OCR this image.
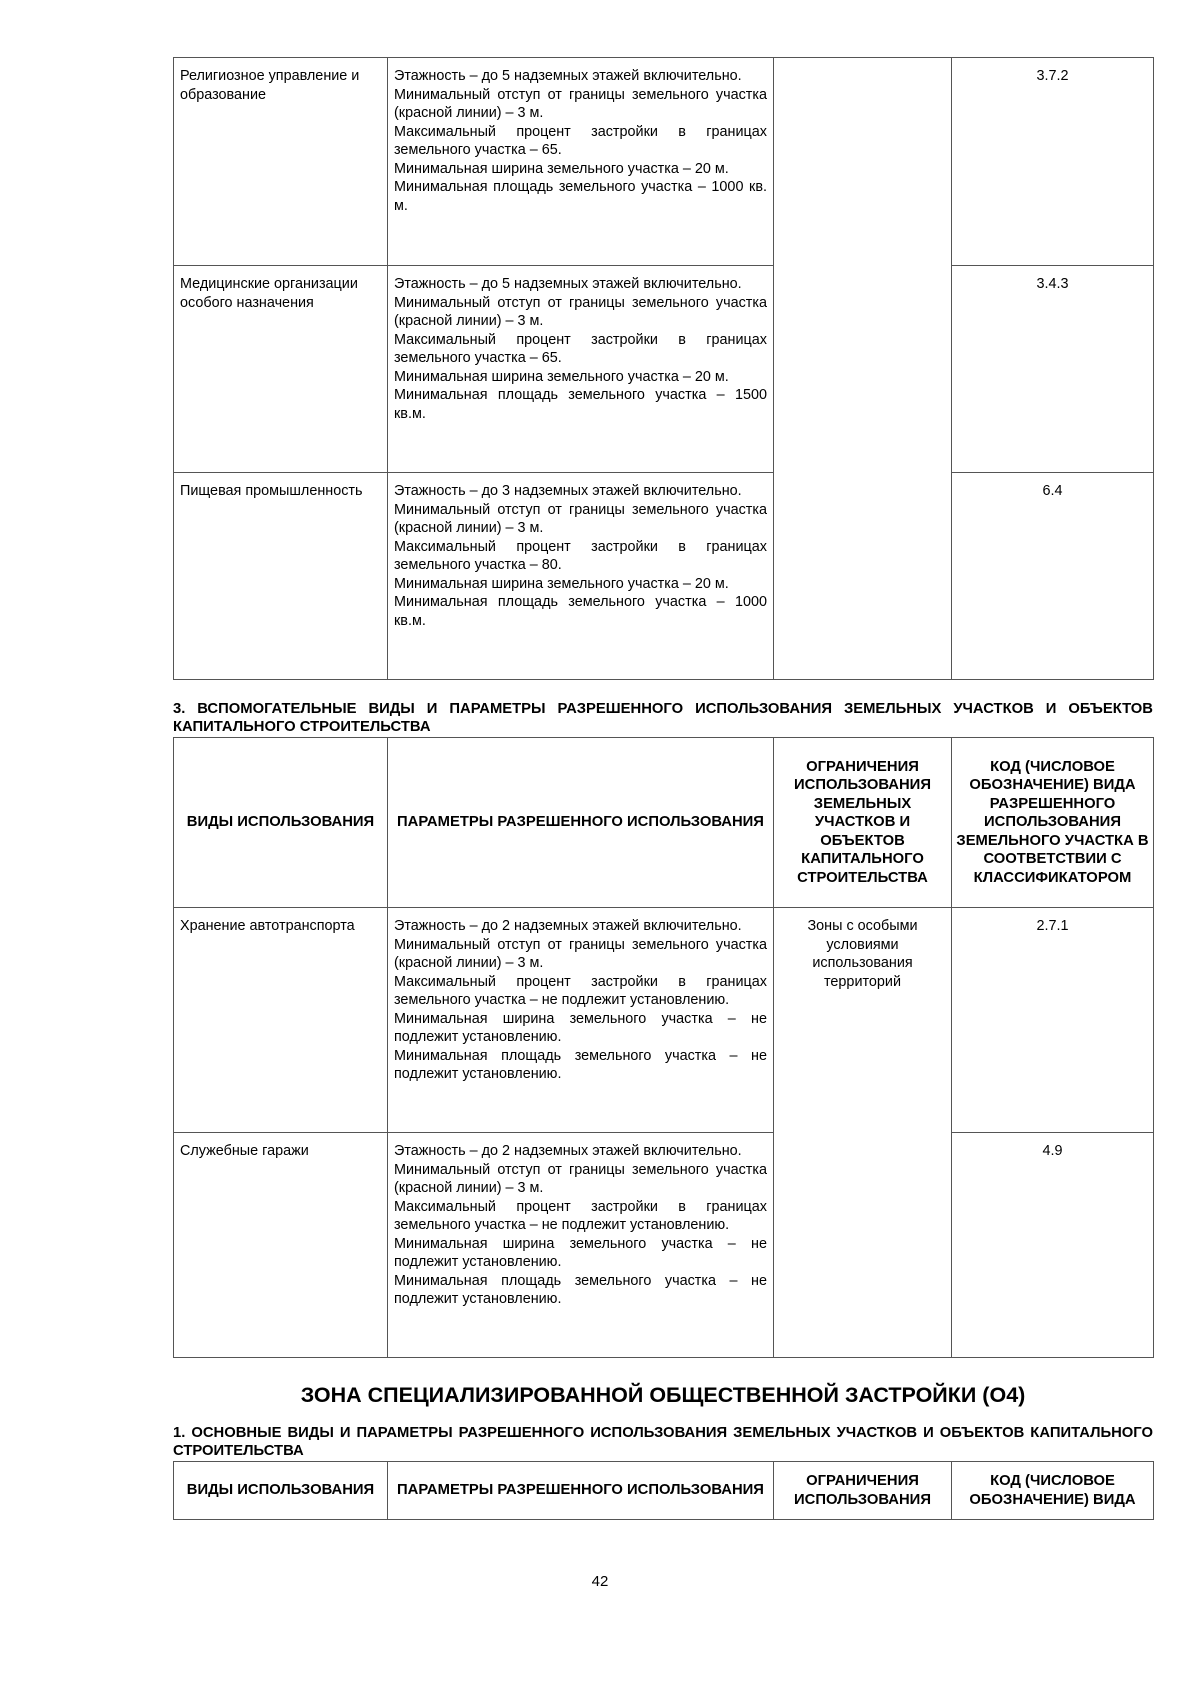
Религиозное управление и образование	Этажность – до 5 надземных этажей включительно.

Минимальный отступ от границы земельного участка (красной линии) – 3 м.

Максимальный процент застройки в границах земельного участка – 65.

Минимальная ширина земельного участка – 20 м.

Минимальная площадь земельного участка – 1000 кв. м.		3.7.2
Медицинские организации особого назначения	Этажность – до 5 надземных этажей включительно.

Минимальный отступ от границы земельного участка (красной линии) – 3 м.

Максимальный процент застройки в границах земельного участка – 65.

Минимальная ширина земельного участка – 20 м.

Минимальная площадь земельного участка – 1500 кв.м.		3.4.3
Пищевая промышленность	Этажность – до 3 надземных этажей включительно.

Минимальный отступ от границы земельного участка (красной линии) – 3 м.

Максимальный процент застройки в границах земельного участка – 80.

Минимальная ширина земельного участка – 20 м.

Минимальная площадь земельного участка – 1000 кв.м.		6.4
3. ВСПОМОГАТЕЛЬНЫЕ ВИДЫ И ПАРАМЕТРЫ РАЗРЕШЕННОГО ИСПОЛЬЗОВАНИЯ ЗЕМЕЛЬНЫХ УЧАСТКОВ И ОБЪЕКТОВ КАПИТАЛЬНОГО СТРОИТЕЛЬСТВА
ВИДЫ ИСПОЛЬЗОВАНИЯ	ПАРАМЕТРЫ РАЗРЕШЕННОГО ИСПОЛЬЗОВАНИЯ	ОГРАНИЧЕНИЯ ИСПОЛЬЗОВАНИЯ ЗЕМЕЛЬНЫХ УЧАСТКОВ И ОБЪЕКТОВ КАПИТАЛЬНОГО СТРОИТЕЛЬСТВА	КОД (ЧИСЛОВОЕ ОБОЗНАЧЕНИЕ) ВИДА РАЗРЕШЕННОГО ИСПОЛЬЗОВАНИЯ ЗЕМЕЛЬНОГО УЧАСТКА В СООТВЕТСТВИИ С КЛАССИФИКАТОРОМ
Хранение автотранспорта	Этажность – до 2 надземных этажей включительно.

Минимальный отступ от границы земельного участка (красной линии) – 3 м.

Максимальный процент застройки в границах земельного участка – не подлежит установлению.

Минимальная ширина земельного участка – не подлежит установлению.

Минимальная площадь земельного участка – не подлежит установлению.	Зоны с особыми условиями использования территорий	2.7.1
Служебные гаражи	Этажность – до 2 надземных этажей включительно.

Минимальный отступ от границы земельного участка (красной линии) – 3 м.

Максимальный процент застройки в границах земельного участка – не подлежит установлению.

Минимальная ширина земельного участка – не подлежит установлению.

Минимальная площадь земельного участка – не подлежит установлению.		4.9
ЗОНА СПЕЦИАЛИЗИРОВАННОЙ ОБЩЕСТВЕННОЙ ЗАСТРОЙКИ (О4)
1. ОСНОВНЫЕ ВИДЫ И ПАРАМЕТРЫ РАЗРЕШЕННОГО ИСПОЛЬЗОВАНИЯ ЗЕМЕЛЬНЫХ УЧАСТКОВ И ОБЪЕКТОВ КАПИТАЛЬНОГО СТРОИТЕЛЬСТВА
ВИДЫ ИСПОЛЬЗОВАНИЯ	ПАРАМЕТРЫ РАЗРЕШЕННОГО ИСПОЛЬЗОВАНИЯ	ОГРАНИЧЕНИЯ ИСПОЛЬЗОВАНИЯ	КОД (ЧИСЛОВОЕ ОБОЗНАЧЕНИЕ) ВИДА
42
